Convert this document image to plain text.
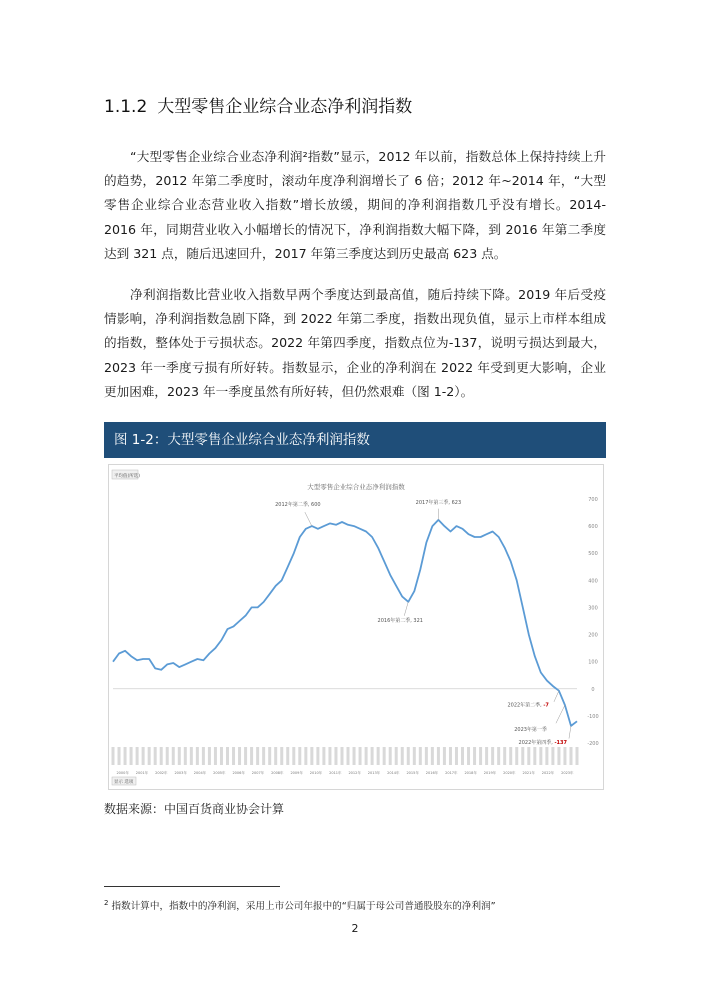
1.1.2 大型零售企业综合业态净利润指数

“大型零售企业综合业态净利润²指数”显示，2012 年以前，指数总体上保持持续上升的趋势，2012 年第二季度时，滚动年度净利润增长了 6 倍；2012 年~2014 年，“大型零售企业综合业态营业收入指数”增长放缓，期间的净利润指数几乎没有增长。2014-2016 年，同期营业收入小幅增长的情况下，净利润指数大幅下降，到 2016 年第二季度达到 321 点，随后迅速回升，2017 年第三季度达到历史最高 623 点。

净利润指数比营业收入指数早两个季度达到最高值，随后持续下降。2019 年后受疫情影响，净利润指数急剧下降，到 2022 年第二季度，指数出现负值，显示上市样本组成的指数，整体处于亏损状态。2022 年第四季度，指数点位为-137，说明亏损达到最大，2023 年一季度亏损有所好转。指数显示，企业的净利润在 2022 年受到更大影响，企业更加困难，2023 年一季度虽然有所好转，但仍然艰难（图 1-2）。

图 1-2：大型零售企业综合业态净利润指数
平均值(所选)
大型零售企业综合业态净利润指数
-200
-100
0
100
200
300
400
500
600
700
2012年第二季, 600	2017年第三季, 623
2016年第二季, 321
2022年第二季, -7
2023年第一季
2022年第四季, -137
2000年 2001年 2002年 2003年 2004年 2005年 2006年 2007年 2008年 2009年 2010年 2011年 2012年 2013年 2014年 2015年 2016年 2017年 2018年 2019年 2020年 2021年 2022年 2023年
显示 选项
数据来源：中国百货商业协会计算
$^2$ 指数计算中，指数中的净利润，采用上市公司年报中的“归属于母公司普通股股东的净利润”
2
